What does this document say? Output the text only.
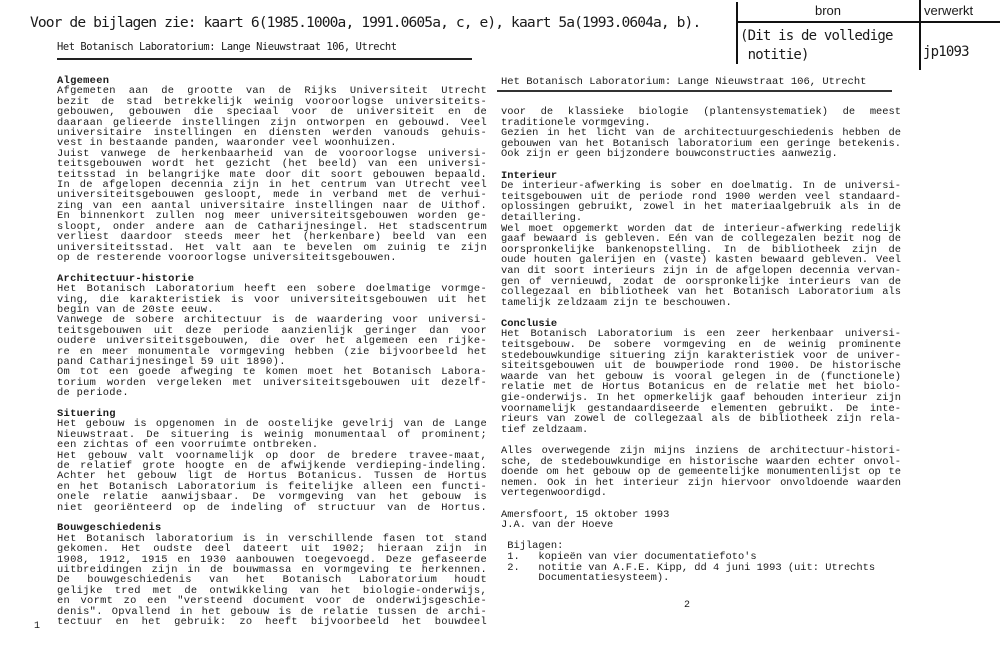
Voor de bijlagen zie: kaart 6(1985.1000a, 1991.0605a, c, e), kaart 5a(1993.0604a, b).
bron	verwerkt
(Dit is de volledige
notitie)	jp1093
Het Botanisch Laboratorium: Lange Nieuwstraat 106, Utrecht
Het Botanisch Laboratorium: Lange Nieuwstraat 106, Utrecht
Algemeen
Afgemeten aan de grootte van de Rijks Universiteit Utrecht
bezit de stad betrekkelijk weinig vooroorlogse universiteits-
gebouwen, gebouwen die speciaal voor de universiteit en de
daaraan gelieerde instellingen zijn ontworpen en gebouwd. Veel
universitaire instellingen en diensten werden vanouds gehuis-
vest in bestaande panden, waaronder veel woonhuizen.
Juist vanwege de herkenbaarheid van de vooroorlogse universi-
teitsgebouwen wordt het gezicht (het beeld) van een universi-
teitsstad in belangrijke mate door dit soort gebouwen bepaald.
In de afgelopen decennia zijn in het centrum van Utrecht veel
universiteitsgebouwen gesloopt, mede in verband met de verhui-
zing van een aantal universitaire instellingen naar de Uithof.
En binnenkort zullen nog meer universiteitsgebouwen worden ge-
sloopt, onder andere aan de Catharijnesingel. Het stadscentrum
verliest daardoor steeds meer het (herkenbare) beeld van een
universiteitsstad. Het valt aan te bevelen om zuinig te zijn
op de resterende vooroorlogse universiteitsgebouwen.
Architectuur-historie
Het Botanisch Laboratorium heeft een sobere doelmatige vormge-
ving, die karakteristiek is voor universiteitsgebouwen uit het
begin van de 20ste eeuw.
Vanwege de sobere architectuur is de waardering voor universi-
teitsgebouwen uit deze periode aanzienlijk geringer dan voor
oudere universiteitsgebouwen, die over het algemeen een rijke-
re en meer monumentale vormgeving hebben (zie bijvoorbeeld het
pand Catharijnesingel 59 uit 1890).
Om tot een goede afweging te komen moet het Botanisch Labora-
torium worden vergeleken met universiteitsgebouwen uit dezelf-
de periode.
Situering
Het gebouw is opgenomen in de oostelijke gevelrij van de Lange
Nieuwstraat. De situering is weinig monumentaal of prominent;
een zichtas of een voorruimte ontbreken.
Het gebouw valt voornamelijk op door de bredere travee-maat,
de relatief grote hoogte en de afwijkende verdieping-indeling.
Achter het gebouw ligt de Hortus Botanicus. Tussen de Hortus
en het Botanisch Laboratorium is feitelijke alleen een functi-
onele relatie aanwijsbaar. De vormgeving van het gebouw is
niet georiënteerd op de indeling of structuur van de Hortus.
Bouwgeschiedenis
Het Botanisch laboratorium is in verschillende fasen tot stand
gekomen. Het oudste deel dateert uit 1902; hieraan zijn in
1908, 1912, 1915 en 1930 aanbouwen toegevoegd. Deze gefaseerde
uitbreidingen zijn in de bouwmassa en vormgeving te herkennen.
De bouwgeschiedenis van het Botanisch Laboratorium houdt
gelijke tred met de ontwikkeling van het biologie-onderwijs,
en vormt zo een "versteend document voor de onderwijsgeschie-
denis". Opvallend in het gebouw is de relatie tussen de archi-
tectuur en het gebruik: zo heeft bijvoorbeeld het bouwdeel
voor de klassieke biologie (plantensystematiek) de meest
traditionele vormgeving.
Gezien in het licht van de architectuurgeschiedenis hebben de
gebouwen van het Botanisch laboratorium een geringe betekenis.
Ook zijn er geen bijzondere bouwconstructies aanwezig.
Interieur
De interieur-afwerking is sober en doelmatig. In de universi-
teitsgebouwen uit de periode rond 1900 werden veel standaard-
oplossingen gebruikt, zowel in het materiaalgebruik als in de
detaillering.
Wel moet opgemerkt worden dat de interieur-afwerking redelijk
gaaf bewaard is gebleven. Eén van de collegezalen bezit nog de
oorspronkelijke bankenopstelling. In de bibliotheek zijn de
oude houten galerijen en (vaste) kasten bewaard gebleven. Veel
van dit soort interieurs zijn in de afgelopen decennia vervan-
gen of vernieuwd, zodat de oorspronkelijke interieurs van de
collegezaal en bibliotheek van het Botanisch Laboratorium als
tamelijk zeldzaam zijn te beschouwen.
Conclusie
Het Botanisch Laboratorium is een zeer herkenbaar universi-
teitsgebouw. De sobere vormgeving en de weinig prominente
stedebouwkundige situering zijn karakteristiek voor de univer-
siteitsgebouwen uit de bouwperiode rond 1900. De historische
waarde van het gebouw is vooral gelegen in de (functionele)
relatie met de Hortus Botanicus en de relatie met het biolo-
gie-onderwijs. In het opmerkelijk gaaf behouden interieur zijn
voornamelijk gestandaardiseerde elementen gebruikt. De inte-
rieurs van zowel de collegezaal als de bibliotheek zijn rela-
tief zeldzaam.
Alles overwegende zijn mijns inziens de architectuur-histori-
sche, de stedebouwkundige en historische waarden echter onvol-
doende om het gebouw op de gemeentelijke monumentenlijst op te
nemen. Ook in het interieur zijn hiervoor onvoldoende waarden
vertegenwoordigd.
Amersfoort, 15 oktober 1993
J.A. van der Hoeve
Bijlagen:
1.   kopieën van vier documentatiefoto's
2.   notitie van A.F.E. Kipp, dd 4 juni 1993 (uit: Utrechts
Documentatiesysteem).
1
2
